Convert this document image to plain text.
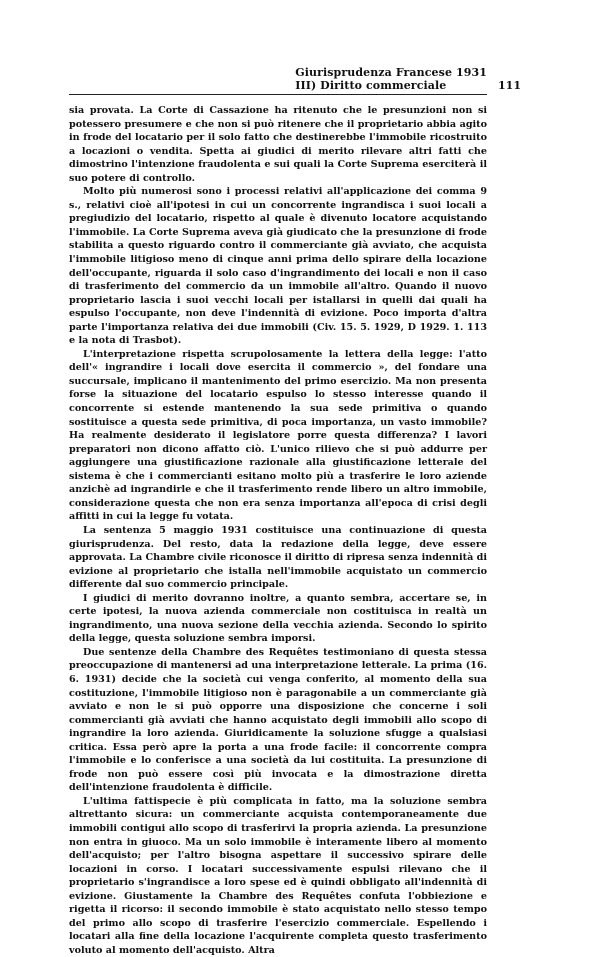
Giurisprudenza Francese 1931
III) Diritto commerciale	111

sia provata. La Corte di Cassazione ha ritenuto che le presunzioni non si potessero presumere e che non si può ritenere che il proprietario abbia agito in frode del locatario per il solo fatto che destinerebbe l'immobile ricostruito a locazioni o vendita. Spetta ai giudici di merito rilevare altri fatti che dimostrino l'intenzione fraudolenta e sui quali la Corte Suprema eserciterà il suo potere di controllo.

Molto più numerosi sono i processi relativi all'applicazione dei comma 9 s., relativi cioè all'ipotesi in cui un concorrente ingrandisca i suoi locali a pregiudizio del locatario, rispetto al quale è divenuto locatore acquistando l'immobile. La Corte Suprema aveva già giudicato che la presunzione di frode stabilita a questo riguardo contro il commerciante già avviato, che acquista l'immobile litigioso meno di cinque anni prima dello spirare della locazione dell'occupante, riguarda il solo caso d'ingrandimento dei locali e non il caso di trasferimento del commercio da un immobile all'altro. Quando il nuovo proprietario lascia i suoi vecchi locali per istallarsi in quelli dai quali ha espulso l'occupante, non deve l'indennità di evizione. Poco importa d'altra parte l'importanza relativa dei due immobili (Civ. 15. 5. 1929, D 1929. 1. 113 e la nota di Trasbot).

L'interpretazione rispetta scrupolosamente la lettera della legge: l'atto dell'« ingrandire i locali dove esercita il commercio », del fondare una succursale, implicano il mantenimento del primo esercizio. Ma non presenta forse la situazione del locatario espulso lo stesso interesse quando il concorrente si estende mantenendo la sua sede primitiva o quando sostituisce a questa sede primitiva, di poca importanza, un vasto immobile? Ha realmente desiderato il legislatore porre questa differenza? I lavori preparatori non dicono affatto ciò. L'unico rilievo che si può addurre per aggiungere una giustificazione razionale alla giustificazione letterale del sistema è che i commercianti esitano molto più a trasferire le loro aziende anzichè ad ingrandirle e che il trasferimento rende libero un altro immobile, considerazione questa che non era senza importanza all'epoca di crisi degli affitti in cui la legge fu votata.

La sentenza 5 maggio 1931 costituisce una continuazione di questa giurisprudenza. Del resto, data la redazione della legge, deve essere approvata. La Chambre civile riconosce il diritto di ripresa senza indennità di evizione al proprietario che istalla nell'immobile acquistato un commercio differente dal suo commercio principale.

I giudici di merito dovranno inoltre, a quanto sembra, accertare se, in certe ipotesi, la nuova azienda commerciale non costituisca in realtà un ingrandimento, una nuova sezione della vecchia azienda. Secondo lo spirito della legge, questa soluzione sembra imporsi.

Due sentenze della Chambre des Requêtes testimoniano di questa stessa preoccupazione di mantenersi ad una interpretazione letterale. La prima (16. 6. 1931) decide che la società cui venga conferito, al momento della sua costituzione, l'immobile litigioso non è paragonabile a un commerciante già avviato e non le si può opporre una disposizione che concerne i soli commercianti già avviati che hanno acquistato degli immobili allo scopo di ingrandire la loro azienda. Giuridicamente la soluzione sfugge a qualsiasi critica. Essa però apre la porta a una frode facile: il concorrente compra l'immobile e lo conferisce a una società da lui costituita. La presunzione di frode non può essere così più invocata e la dimostrazione diretta dell'intenzione fraudolenta è difficile.

L'ultima fattispecie è più complicata in fatto, ma la soluzione sembra altrettanto sicura: un commerciante acquista contemporaneamente due immobili contigui allo scopo di trasferirvi la propria azienda. La presunzione non entra in giuoco. Ma un solo immobile è interamente libero al momento dell'acquisto; per l'altro bisogna aspettare il successivo spirare delle locazioni in corso. I locatari successivamente espulsi rilevano che il proprietario s'ingrandisce a loro spese ed è quindi obbligato all'indennità di evizione. Giustamente la Chambre des Requêtes confuta l'obbiezione e rigetta il ricorso: il secondo immobile è stato acquistato nello stesso tempo del primo allo scopo di trasferire l'esercizio commerciale. Espellendo i locatari alla fine della locazione l'acquirente completa questo trasferimento voluto al momento dell'acquisto. Altra
